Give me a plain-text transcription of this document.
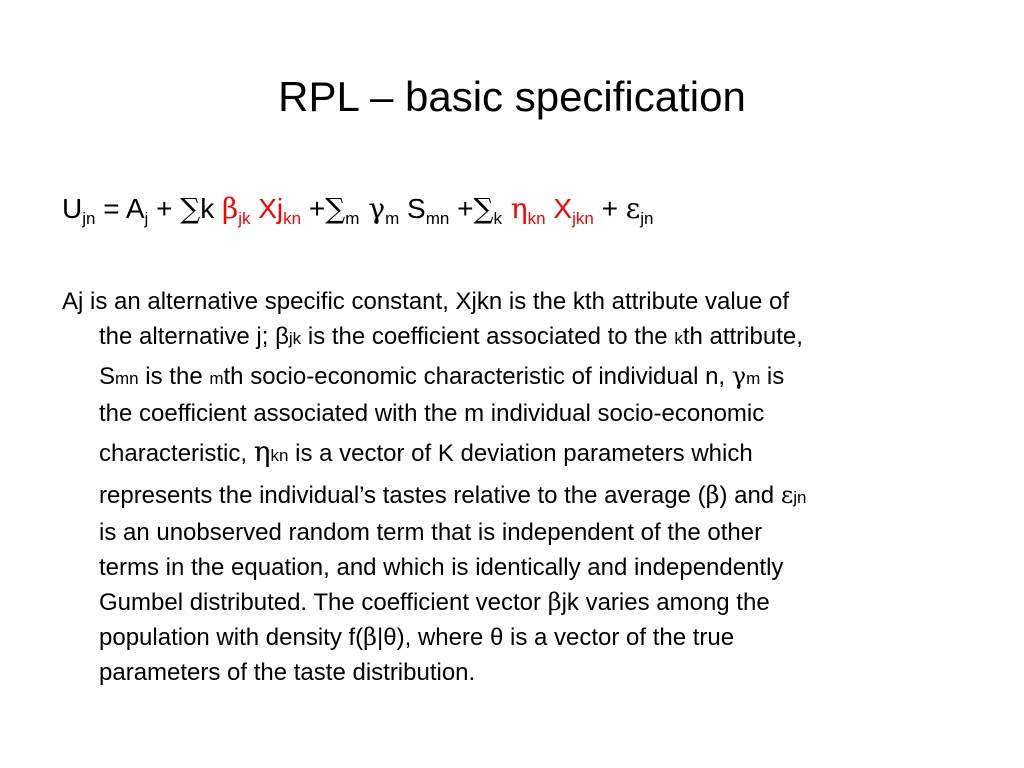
RPL – basic specification
$U_{jn} = A_j + \sum k$ $\beta_{jk}$ $Xj_{kn} +\sum_m$ $\gamma_m$ $S_{mn} +\sum_k$ $\eta_{kn}$ $X_{jkn} + \varepsilon_{jn}$
Aj is an alternative specific constant, Xjkn is the kth attribute value of
the alternative j; βjk is the coefficient associated to the kth attribute,
Smn is the mth socio-economic characteristic of individual n, γm is
the coefficient associated with the m individual socio-economic
characteristic, ηkn is a vector of K deviation parameters which
represents the individual’s tastes relative to the average (β) and εjn
is an unobserved random term that is independent of the other
terms in the equation, and which is identically and independently
Gumbel distributed. The coefficient vector βjk varies among the
population with density f(β|θ), where θ is a vector of the true
parameters of the taste distribution.
